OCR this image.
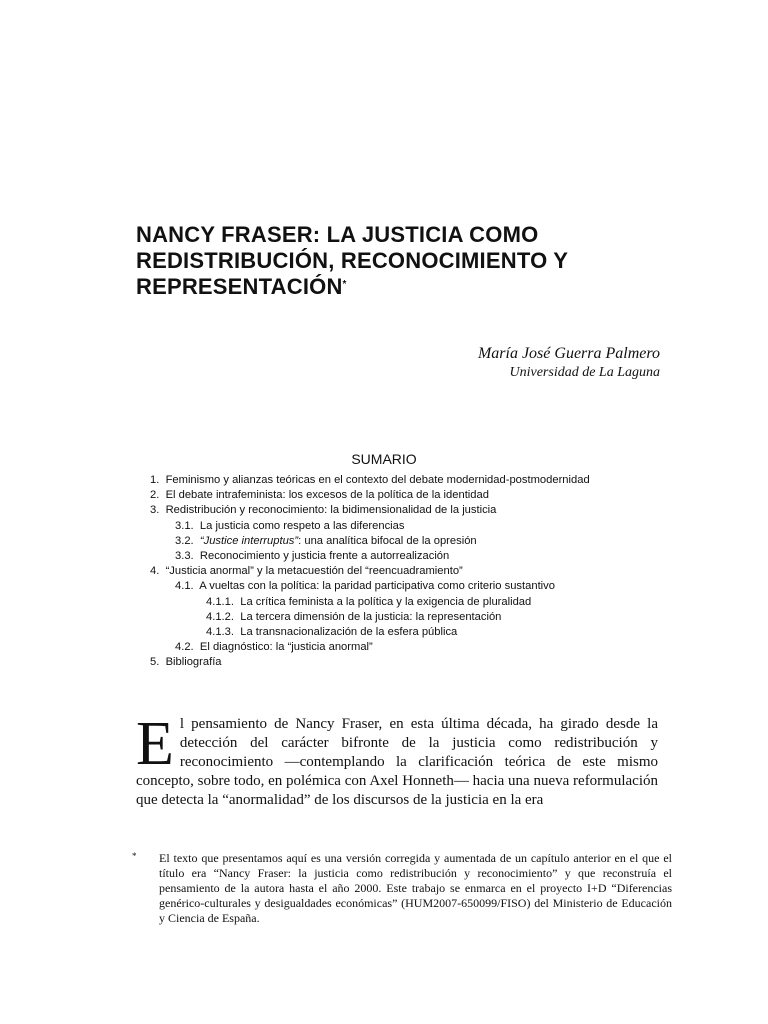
NANCY FRASER: LA JUSTICIA COMO
REDISTRIBUCIÓN, RECONOCIMIENTO Y
REPRESENTACIÓN*
María José Guerra Palmero
Universidad de La Laguna
SUMARIO
1. Feminismo y alianzas teóricas en el contexto del debate modernidad-postmodernidad
2. El debate intrafeminista: los excesos de la política de la identidad
3. Redistribución y reconocimiento: la bidimensionalidad de la justicia
3.1. La justicia como respeto a las diferencias
3.2. “Justice interruptus”: una analítica bifocal de la opresión
3.3. Reconocimiento y justicia frente a autorrealización
4. “Justicia anormal” y la metacuestión del “reencuadramiento”
4.1. A vueltas con la política: la paridad participativa como criterio sustantivo
4.1.1. La crítica feminista a la política y la exigencia de pluralidad
4.1.2. La tercera dimensión de la justicia: la representación
4.1.3. La transnacionalización de la esfera pública
4.2. El diagnóstico: la “justicia anormal”
5. Bibliografía
E l pensamiento de Nancy Fraser, en esta última década, ha girado desde la detección del carácter bifronte de la justicia como redistribución y reconocimiento —contemplando la clarificación teórica de este mismo concepto, sobre todo, en polémica con Axel Honneth— hacia una nueva reformulación que detecta la “anormalidad” de los discursos de la justicia en la era

* El texto que presentamos aquí es una versión corregida y aumentada de un capítulo anterior en el que el título era “Nancy Fraser: la justicia como redistribución y reconocimiento” y que reconstruía el pensamiento de la autora hasta el año 2000. Este trabajo se enmarca en el proyecto I+D “Diferencias genérico-culturales y desigualdades económicas” (HUM2007-650099/FISO) del Ministerio de Educación y Ciencia de España.
